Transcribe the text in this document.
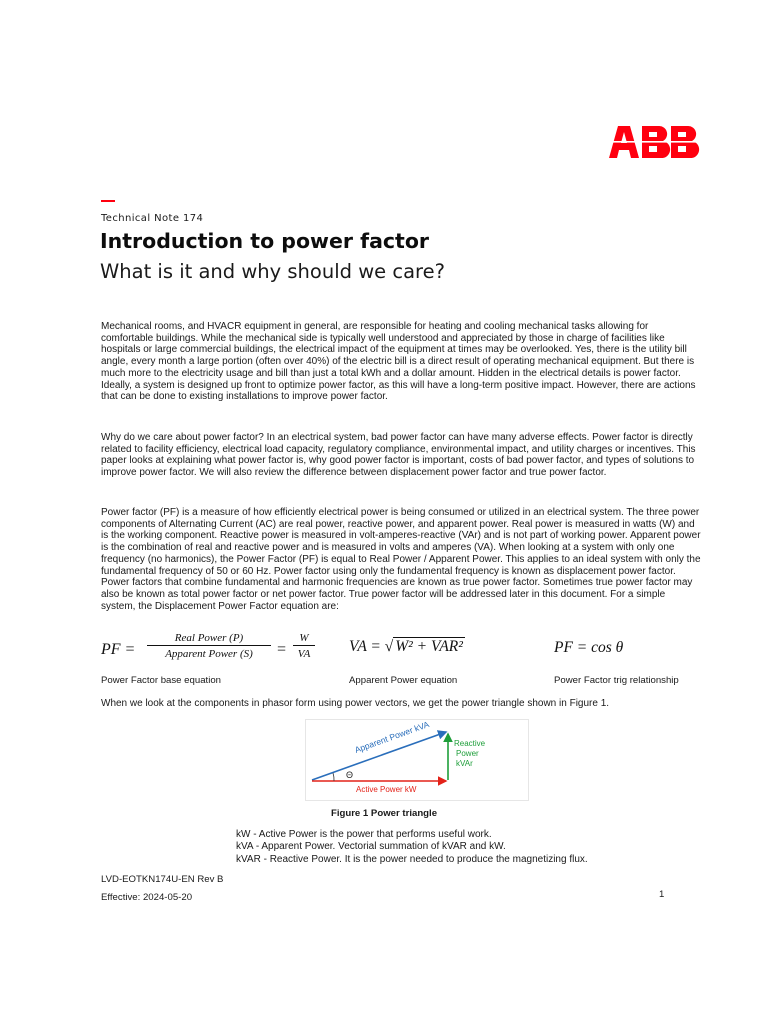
Technical Note 174
Introduction to power factor
What is it and why should we care?
Mechanical rooms, and HVACR equipment in general, are responsible for heating and cooling mechanical tasks allowing for comfortable buildings. While the mechanical side is typically well understood and appreciated by those in charge of facilities like hospitals or large commercial buildings, the electrical impact of the equipment at times may be overlooked. Yes, there is the utility bill angle, every month a large portion (often over 40%) of the electric bill is a direct result of operating mechanical equipment. But there is much more to the electricity usage and bill than just a total kWh and a dollar amount. Hidden in the electrical details is power factor. Ideally, a system is designed up front to optimize power factor, as this will have a long-term positive impact. However, there are actions that can be done to existing installations to improve power factor.
Why do we care about power factor? In an electrical system, bad power factor can have many adverse effects. Power factor is directly related to facility efficiency, electrical load capacity, regulatory compliance, environmental impact, and utility charges or incentives. This paper looks at explaining what power factor is, why good power factor is important, costs of bad power factor, and types of solutions to improve power factor. We will also review the difference between displacement power factor and true power factor.
Power factor (PF) is a measure of how efficiently electrical power is being consumed or utilized in an electrical system. The three power components of Alternating Current (AC) are real power, reactive power, and apparent power. Real power is measured in watts (W) and is the working component. Reactive power is measured in volt-amperes-reactive (VAr) and is not part of working power. Apparent power is the combination of real and reactive power and is measured in volts and amperes (VA). When looking at a system with only one frequency (no harmonics), the Power Factor (PF) is equal to Real Power / Apparent Power. This applies to an ideal system with only the fundamental frequency of 50 or 60 Hz. Power factor using only the fundamental frequency is known as displacement power factor. Power factors that combine fundamental and harmonic frequencies are known as true power factor. Sometimes true power factor may also be known as total power factor or net power factor. True power factor will be addressed later in this document. For a simple system, the Displacement Power Factor equation are:
PF =
Real Power (P)
Apparent Power (S)	= $\frac{W}{VA}$ VA = √ W² + VAR²	PF = cos θ
Power Factor base equation	Apparent Power equation	Power Factor trig relationship
When we look at the components in phasor form using power vectors, we get the power triangle shown in Figure 1.
Apparent Power kVA	Reactive
Power
kVAr
Θ
Active Power kW
Figure 1 Power triangle
kW - Active Power is the power that performs useful work.
kVA - Apparent Power. Vectorial summation of kVAR and kW.
kVAR - Reactive Power. It is the power needed to produce the magnetizing flux.
LVD-EOTKN174U-EN Rev B
Effective: 2024-05-20	1
